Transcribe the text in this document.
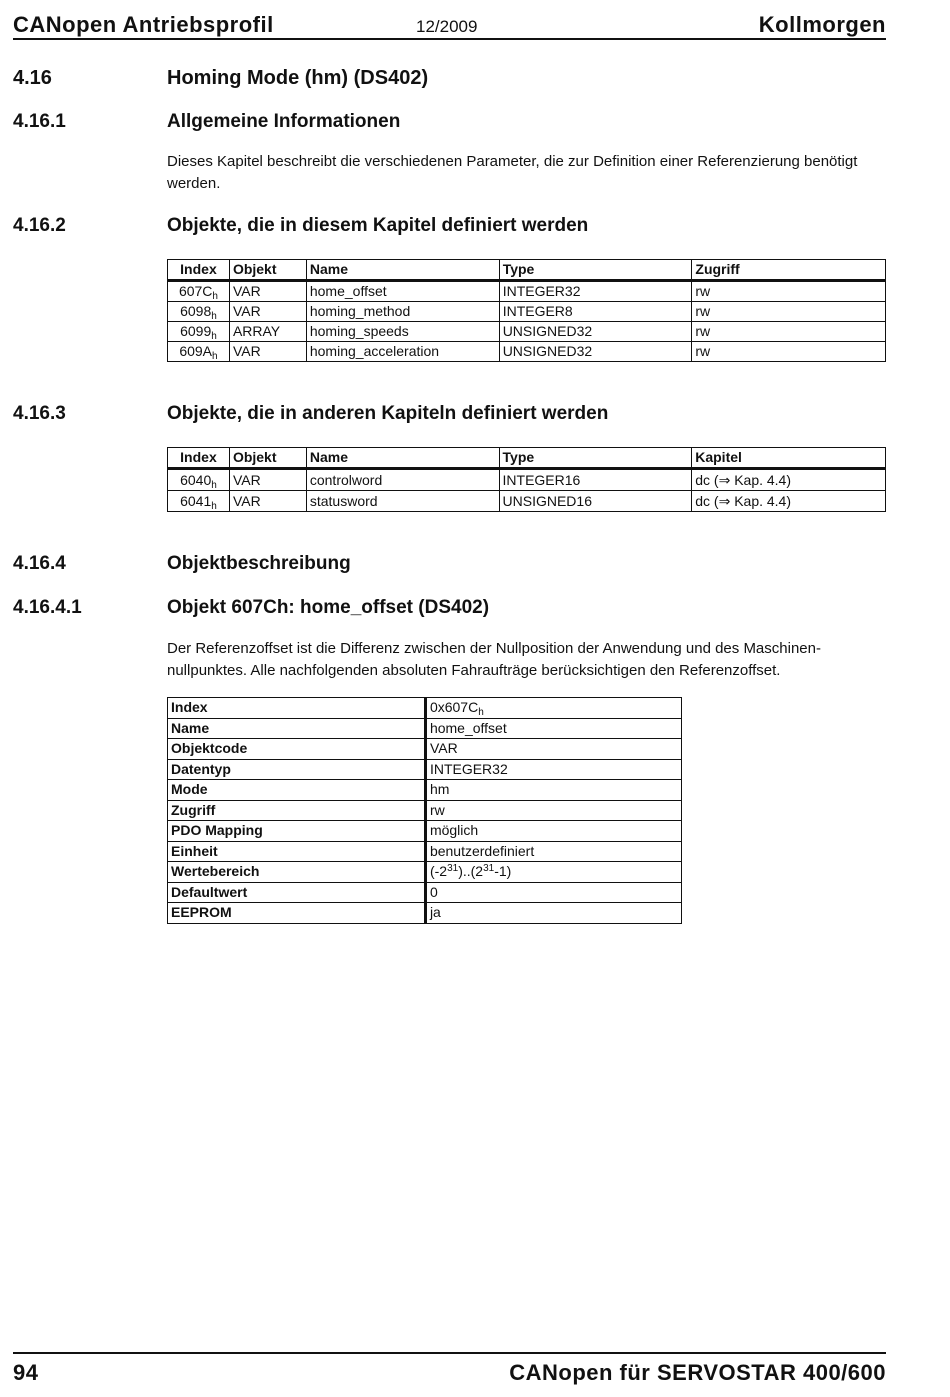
CANopen Antriebsprofil	12/2009	Kollmorgen
4.16	Homing Mode (hm) (DS402)
4.16.1	Allgemeine Informationen
Dieses Kapitel beschreibt die verschiedenen Parameter, die zur Definition einer Referenzierung benötigt werden.
4.16.2	Objekte, die in diesem Kapitel definiert werden
Index	Objekt	Name	Type	Zugriff
$607C_h$	VAR	home_offset	INTEGER32	rw
$6098_h$	VAR	homing_method	INTEGER8	rw
$6099_h$	ARRAY	homing_speeds	UNSIGNED32	rw
$609A_h$	VAR	homing_acceleration	UNSIGNED32	rw
4.16.3	Objekte, die in anderen Kapiteln definiert werden
Index	Objekt	Name	Type	Kapitel
$6040_h$	VAR	controlword	INTEGER16	dc (⇒ Kap. 4.4)
$6041_h$	VAR	statusword	UNSIGNED16	dc (⇒ Kap. 4.4)
4.16.4	Objektbeschreibung
4.16.4.1	Objekt 607Ch: home_offset (DS402)
Der Referenzoffset ist die Differenz zwischen der Nullposition der Anwendung und des Maschinen-nullpunktes. Alle nachfolgenden absoluten Fahraufträge berücksichtigen den Referenzoffset.
Index	$0x607C_h$
Name	home_offset
Objektcode	VAR
Datentyp	INTEGER32
Mode	hm
Zugriff	rw
PDO Mapping	möglich
Einheit	benutzerdefiniert
Wertebereich	$(-2^{31})..(2^{31}-1)$
Defaultwert	0
EEPROM	ja
94	CANopen für SERVOSTAR 400/600
